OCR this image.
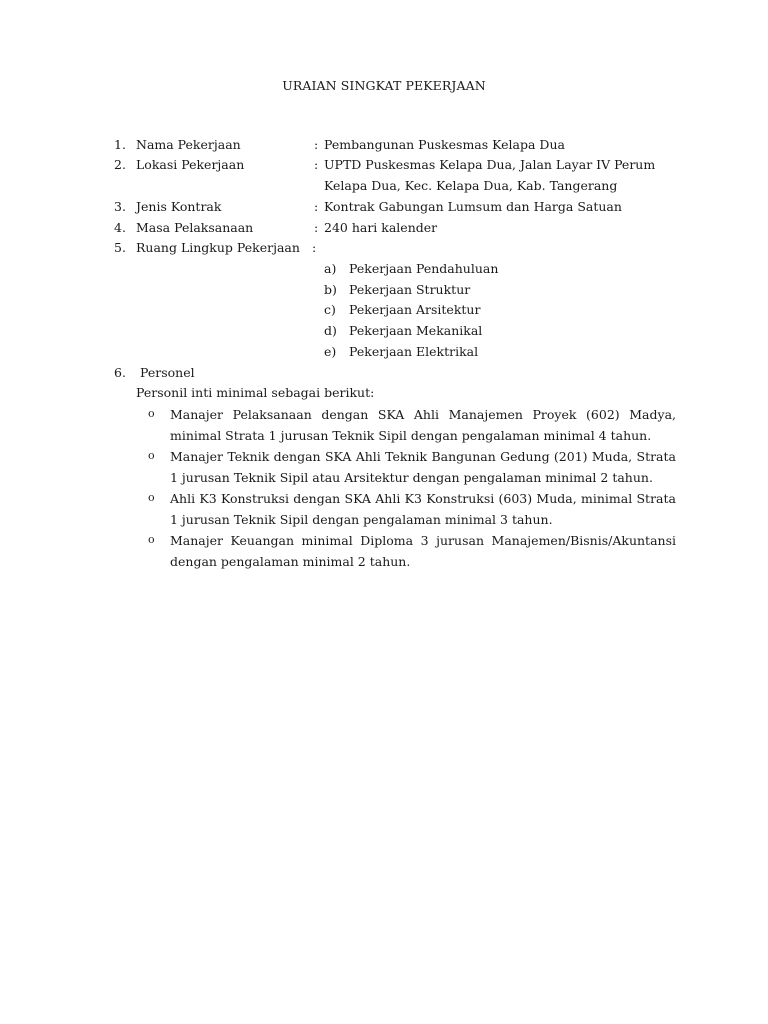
URAIAN SINGKAT PEKERJAAN
1. Nama Pekerjaan	: Pembangunan Puskesmas Kelapa Dua
2. Lokasi Pekerjaan	: UPTD Puskesmas Kelapa Dua, Jalan Layar IV Perum
Kelapa Dua, Kec. Kelapa Dua, Kab. Tangerang
3. Jenis Kontrak	: Kontrak Gabungan Lumsum dan Harga Satuan
4. Masa Pelaksanaan	: 240 hari kalender
5. Ruang Lingkup Pekerjaan :
a) Pekerjaan Pendahuluan
b) Pekerjaan Struktur
c) Pekerjaan Arsitektur
d) Pekerjaan Mekanikal
e) Pekerjaan Elektrikal
6. Personel
Personil inti minimal sebagai berikut:
o Manajer Pelaksanaan dengan SKA Ahli Manajemen Proyek (602) Madya, minimal Strata 1 jurusan Teknik Sipil dengan pengalaman minimal 4 tahun.
o Manajer Teknik dengan SKA Ahli Teknik Bangunan Gedung (201) Muda, Strata 1 jurusan Teknik Sipil atau Arsitektur dengan pengalaman minimal 2 tahun.
o Ahli K3 Konstruksi dengan SKA Ahli K3 Konstruksi (603) Muda, minimal Strata 1 jurusan Teknik Sipil dengan pengalaman minimal 3 tahun.
o Manajer Keuangan minimal Diploma 3 jurusan Manajemen/Bisnis/Akuntansi dengan pengalaman minimal 2 tahun.
